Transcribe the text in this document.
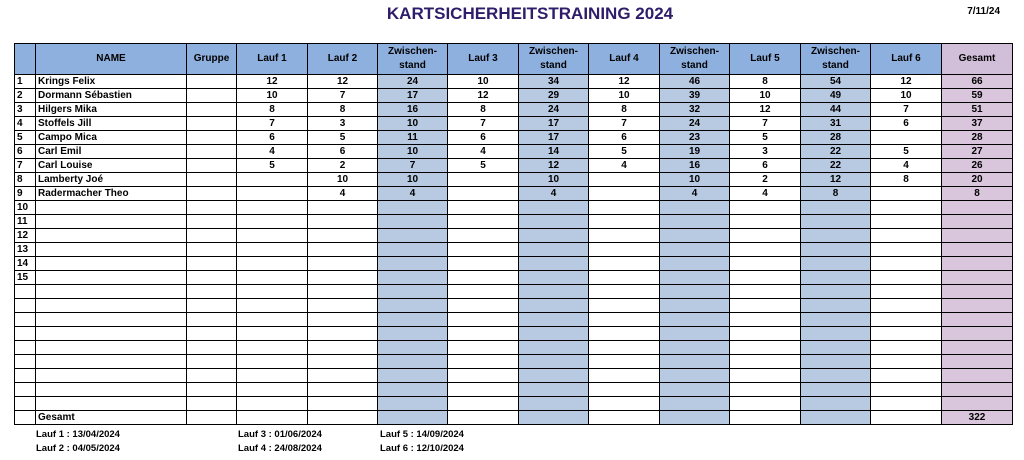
KARTSICHERHEITSTRAINING 2024	7/11/24
	NAME	Gruppe	Lauf 1	Lauf 2	Zwischen-stand	Lauf 3	Zwischen-stand	Lauf 4	Zwischen-stand	Lauf 5	Zwischen-stand	Lauf 6	Gesamt
1	Krings Felix		12	12	24	10	34	12	46	8	54	12	66
2	Dormann Sébastien		10	7	17	12	29	10	39	10	49	10	59
3	Hilgers Mika		8	8	16	8	24	8	32	12	44	7	51
4	Stoffels Jill		7	3	10	7	17	7	24	7	31	6	37
5	Campo Mica		6	5	11	6	17	6	23	5	28		28
6	Carl Emil		4	6	10	4	14	5	19	3	22	5	27
7	Carl Louise		5	2	7	5	12	4	16	6	22	4	26
8	Lamberty Joé			10	10		10		10	2	12	8	20
9	Radermacher Theo			4	4		4		4	4	8		8
10													
11													
12													
13													
14													
15													

	Gesamt												322
Lauf 1 : 13/04/2024
Lauf 2 : 04/05/2024
Lauf 3 : 01/06/2024
Lauf 4 : 24/08/2024
Lauf 5 : 14/09/2024
Lauf 6 : 12/10/2024
